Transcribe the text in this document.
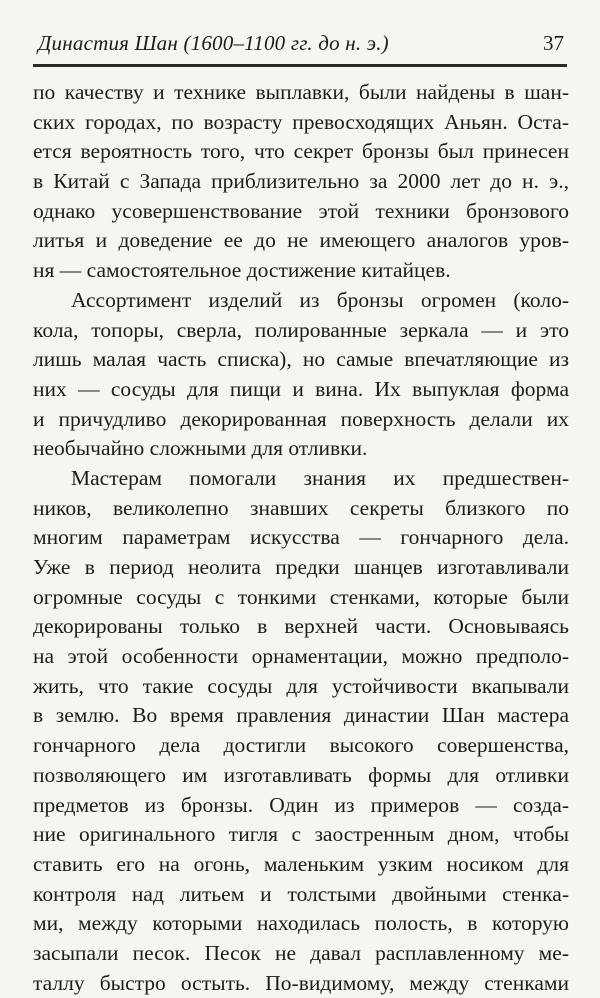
Династия Шан (1600–1100 гг. до н. э.)	37
по качеству и технике выплавки, были найдены в шан-
ских городах, по возрасту превосходящих Аньян. Оста-
ется вероятность того, что секрет бронзы был принесен
в Китай с Запада приблизительно за 2000 лет до н. э.,
однако усовершенствование этой техники бронзового
литья и доведение ее до не имеющего аналогов уров-
ня — самостоятельное достижение китайцев.
Ассортимент изделий из бронзы огромен (коло-
кола, топоры, сверла, полированные зеркала — и это
лишь малая часть списка), но самые впечатляющие из
них — сосуды для пищи и вина. Их выпуклая форма
и причудливо декорированная поверхность делали их
необычайно сложными для отливки.
Мастерам помогали знания их предшествен-
ников, великолепно знавших секреты близкого по
многим параметрам искусства — гончарного дела.
Уже в период неолита предки шанцев изготавливали
огромные сосуды с тонкими стенками, которые были
декорированы только в верхней части. Основываясь
на этой особенности орнаментации, можно предполо-
жить, что такие сосуды для устойчивости вкапывали
в землю. Во время правления династии Шан мастера
гончарного дела достигли высокого совершенства,
позволяющего им изготавливать формы для отливки
предметов из бронзы. Один из примеров — созда-
ние оригинального тигля с заостренным дном, чтобы
ставить его на огонь, маленьким узким носиком для
контроля над литьем и толстыми двойными стенка-
ми, между которыми находилась полость, в которую
засыпали песок. Песок не давал расплавленному ме-
таллу быстро остыть. По-видимому, между стенками
